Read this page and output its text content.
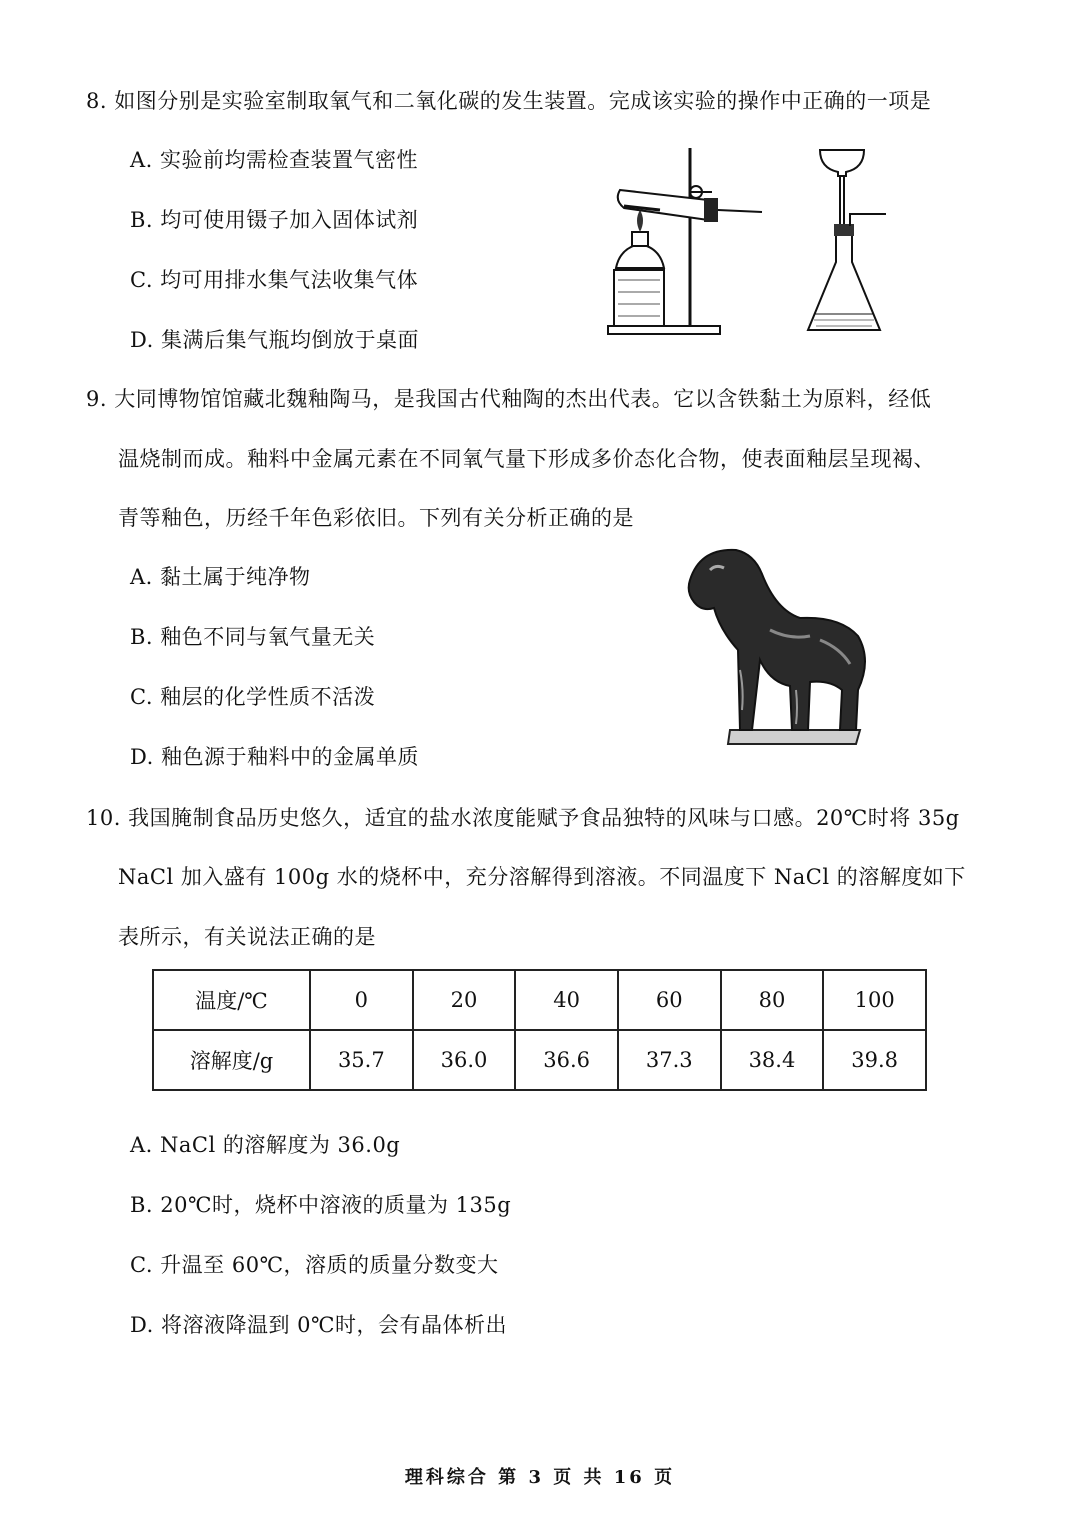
8. 如图分别是实验室制取氧气和二氧化碳的发生装置。完成该实验的操作中正确的一项是
A. 实验前均需检查装置气密性
B. 均可使用镊子加入固体试剂
C. 均可用排水集气法收集气体
D. 集满后集气瓶均倒放于桌面
9. 大同博物馆馆藏北魏釉陶马，是我国古代釉陶的杰出代表。它以含铁黏土为原料，经低
温烧制而成。釉料中金属元素在不同氧气量下形成多价态化合物，使表面釉层呈现褐、
青等釉色，历经千年色彩依旧。下列有关分析正确的是
A. 黏土属于纯净物
B. 釉色不同与氧气量无关
C. 釉层的化学性质不活泼
D. 釉色源于釉料中的金属单质
10. 我国腌制食品历史悠久，适宜的盐水浓度能赋予食品独特的风味与口感。20℃时将 35g
NaCl 加入盛有 100g 水的烧杯中，充分溶解得到溶液。不同温度下 NaCl 的溶解度如下
表所示，有关说法正确的是
温度/℃	0	20	40	60	80	100
溶解度/g	35.7	36.0	36.6	37.3	38.4	39.8
A. NaCl 的溶解度为 36.0g
B. 20℃时，烧杯中溶液的质量为 135g
C. 升温至 60℃，溶质的质量分数变大
D. 将溶液降温到 0℃时，会有晶体析出
理科综合 第 3 页 共 16 页
